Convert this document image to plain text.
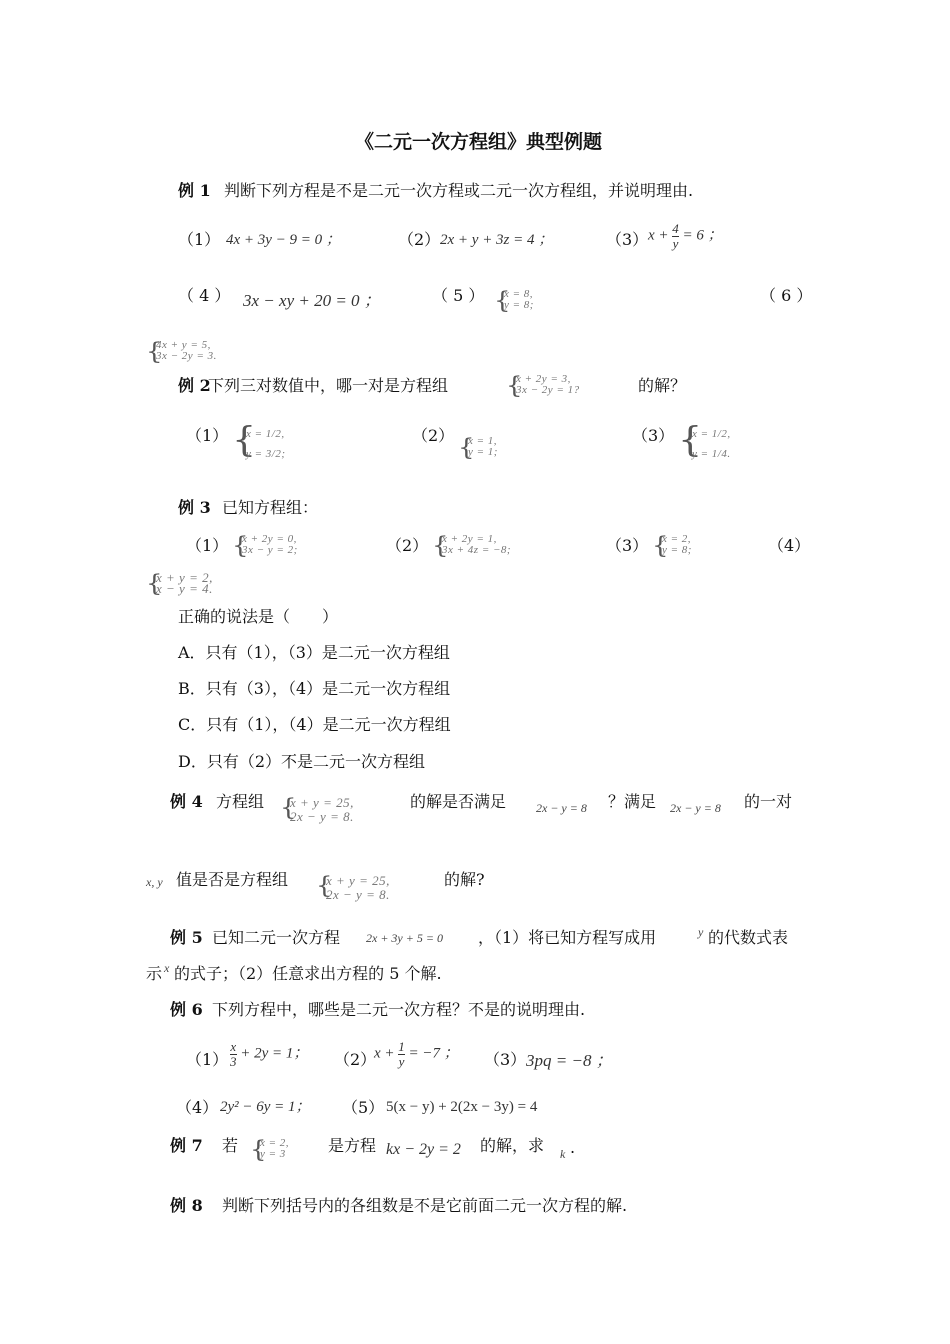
《二元一次方程组》典型例题
例 1 判断下列方程是不是二元一次方程或二元一次方程组，并说明理由.
（1） 4x + 3y − 9 = 0 ；	（2） 2x + y + 3z = 4 ；	（3） $x + \frac{4}{y} = 6$ ；
（ 4 ） 3x − xy + 20 = 0 ；	（ 5 ） {
x = 8,
y = 8;	（ 6 ）
{
4x + y = 5,
3x − 2y = 3.
例 2
下列三对数值中，哪一对是方程组 {
x + 2y = 3,
3x − 2y = 1?	的解？
（1） {
x = 1/2,
y = 3/2;
（2） {
x = 1,
y = 1;
（3） {
x = 1/2,
y = 1/4.
例 3 已知方程组：
（1） {
x + 2y = 0,
3x − y = 2;	（2） {
x + 2y = 1,
3x + 4z = −8;	（3） {
x = 2,
y = 8;	（4）
{
x + y = 2,
x − y = 4.
正确的说法是（　　）
A．只有（1），（3）是二元一次方程组
B．只有（3），（4）是二元一次方程组
C．只有（1），（4）是二元一次方程组
D．只有（2）不是二元一次方程组
例 4 方程组 {
x + y = 25,
2x − y = 8.
的解是否满足 2x − y = 8 ？满足 2x − y = 8 的一对
x, y 值是否是方程组 {
x + y = 25,
2x − y = 8.
的解?
例 5 已知二元一次方程 2x + 3y + 5 = 0 ，（1）将已知方程写成用	y 的代数式表
示 x 的式子；（2）任意求出方程的 5 个解.
例 6 下列方程中，哪些是二元一次方程？不是的说明理由.
$(1) \frac{x}{3} + 2y = 1$； （2）
$x + \frac{1}{y} = -7$ ； （3） 3pq = −8 ；
（4） 2y² − 6y = 1； （5） 5(x − y) + 2(2x − 3y) = 4
例 7 若 {
x = 2,
y = 3	是方程 kx − 2y = 2 的解，求 k .
例 8 判断下列括号内的各组数是不是它前面二元一次方程的解.
